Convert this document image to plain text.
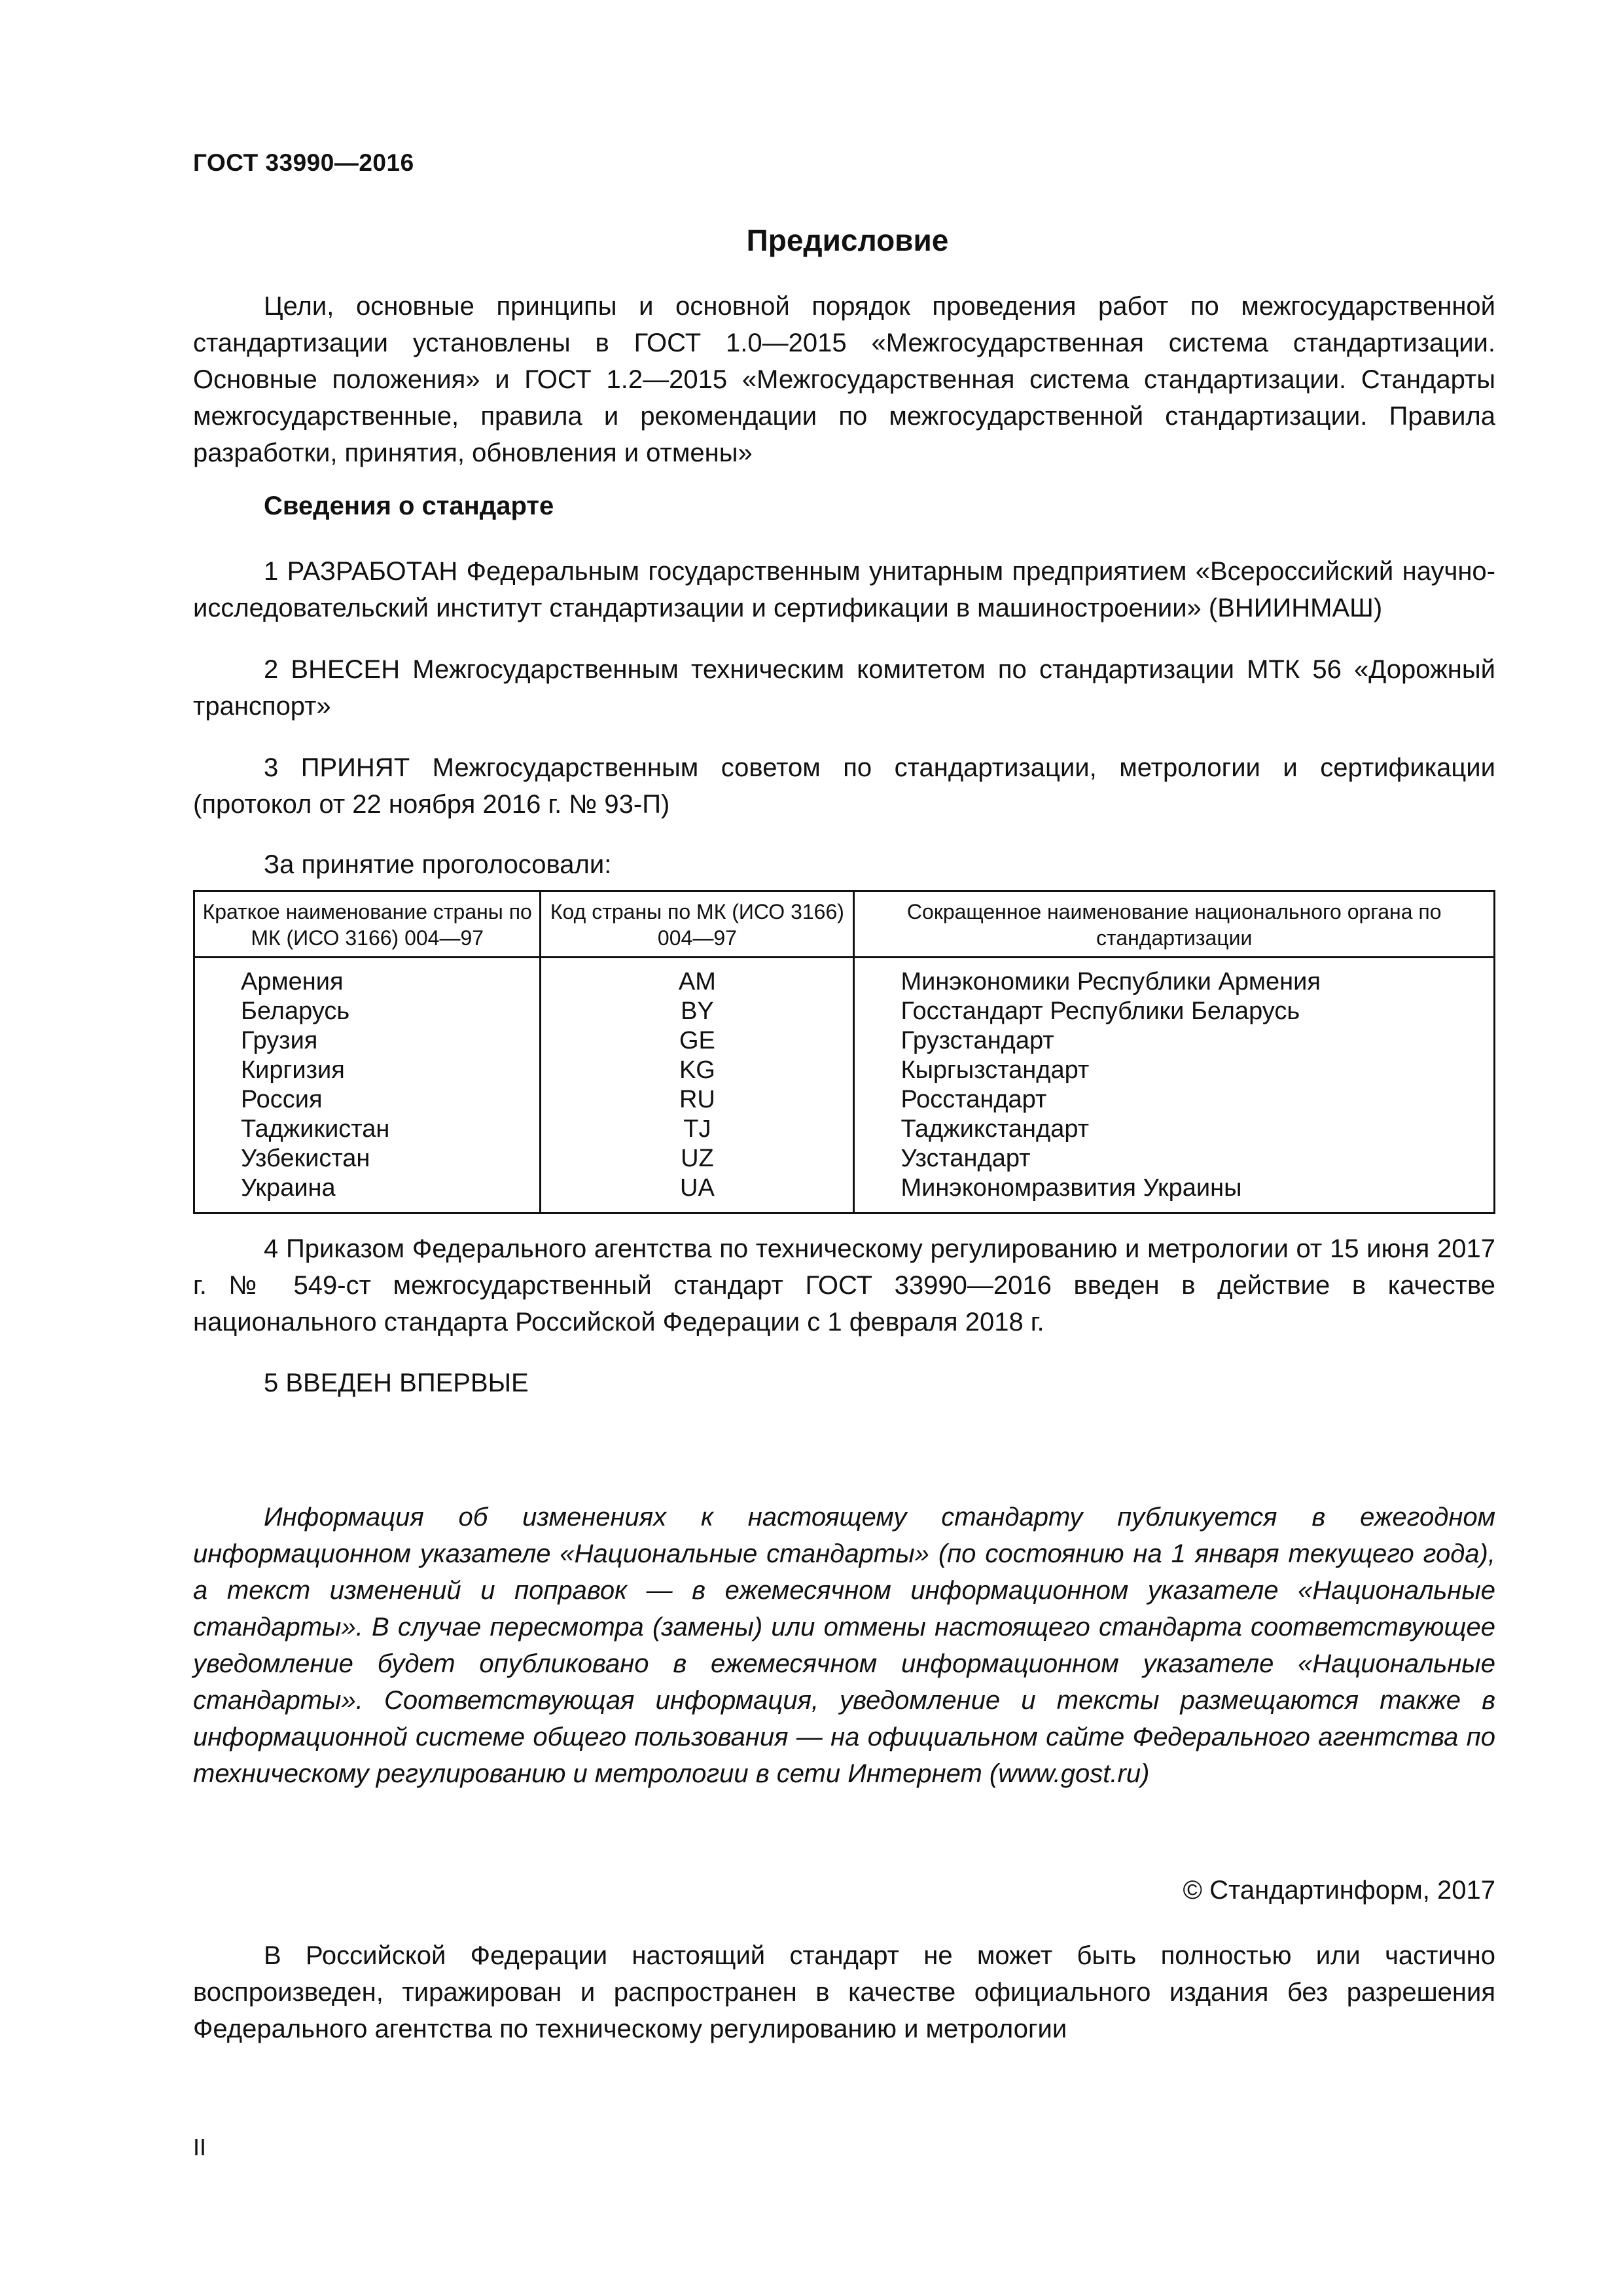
ГОСТ 33990—2016
Предисловие
Цели, основные принципы и основной порядок проведения работ по межгосударственной стандартизации установлены в ГОСТ 1.0—2015 «Межгосударственная система стандартизации. Основные положения» и ГОСТ 1.2—2015 «Межгосударственная система стандартизации. Стандарты межгосударственные, правила и рекомендации по межгосударственной стандартизации. Правила разработки, принятия, обновления и отмены»
Сведения о стандарте
1 РАЗРАБОТАН Федеральным государственным унитарным предприятием «Всероссийский научно-исследовательский институт стандартизации и сертификации в машиностроении» (ВНИИНМАШ)
2 ВНЕСЕН Межгосударственным техническим комитетом по стандартизации МТК 56 «Дорожный транспорт»
3 ПРИНЯТ Межгосударственным советом по стандартизации, метрологии и сертификации (протокол от 22 ноября 2016 г. № 93-П)
За принятие проголосовали:
Краткое наименование страны по МК (ИСО 3166) 004—97	Код страны по МК (ИСО 3166) 004—97	Сокращенное наименование национального органа по стандартизации
Армения	AM	Минэкономики Республики Армения
Беларусь	BY	Госстандарт Республики Беларусь
Грузия	GE	Грузстандарт
Киргизия	KG	Кыргызстандарт
Россия	RU	Росстандарт
Таджикистан	TJ	Таджикстандарт
Узбекистан	UZ	Узстандарт
Украина	UA	Минэкономразвития Украины
4 Приказом Федерального агентства по техническому регулированию и метрологии от 15 июня 2017 г. № 549-ст межгосударственный стандарт ГОСТ 33990—2016 введен в действие в качестве национального стандарта Российской Федерации с 1 февраля 2018 г.
5 ВВЕДЕН ВПЕРВЫЕ
Информация об изменениях к настоящему стандарту публикуется в ежегодном информационном указателе «Национальные стандарты» (по состоянию на 1 января текущего года), а текст изменений и поправок — в ежемесячном информационном указателе «Национальные стандарты». В случае пересмотра (замены) или отмены настоящего стандарта соответствующее уведомление будет опубликовано в ежемесячном информационном указателе «Национальные стандарты». Соответствующая информация, уведомление и тексты размещаются также в информационной системе общего пользования — на официальном сайте Федерального агентства по техническому регулированию и метрологии в сети Интернет (www.gost.ru)
© Стандартинформ, 2017
В Российской Федерации настоящий стандарт не может быть полностью или частично воспроизведен, тиражирован и распространен в качестве официального издания без разрешения Федерального агентства по техническому регулированию и метрологии
II
